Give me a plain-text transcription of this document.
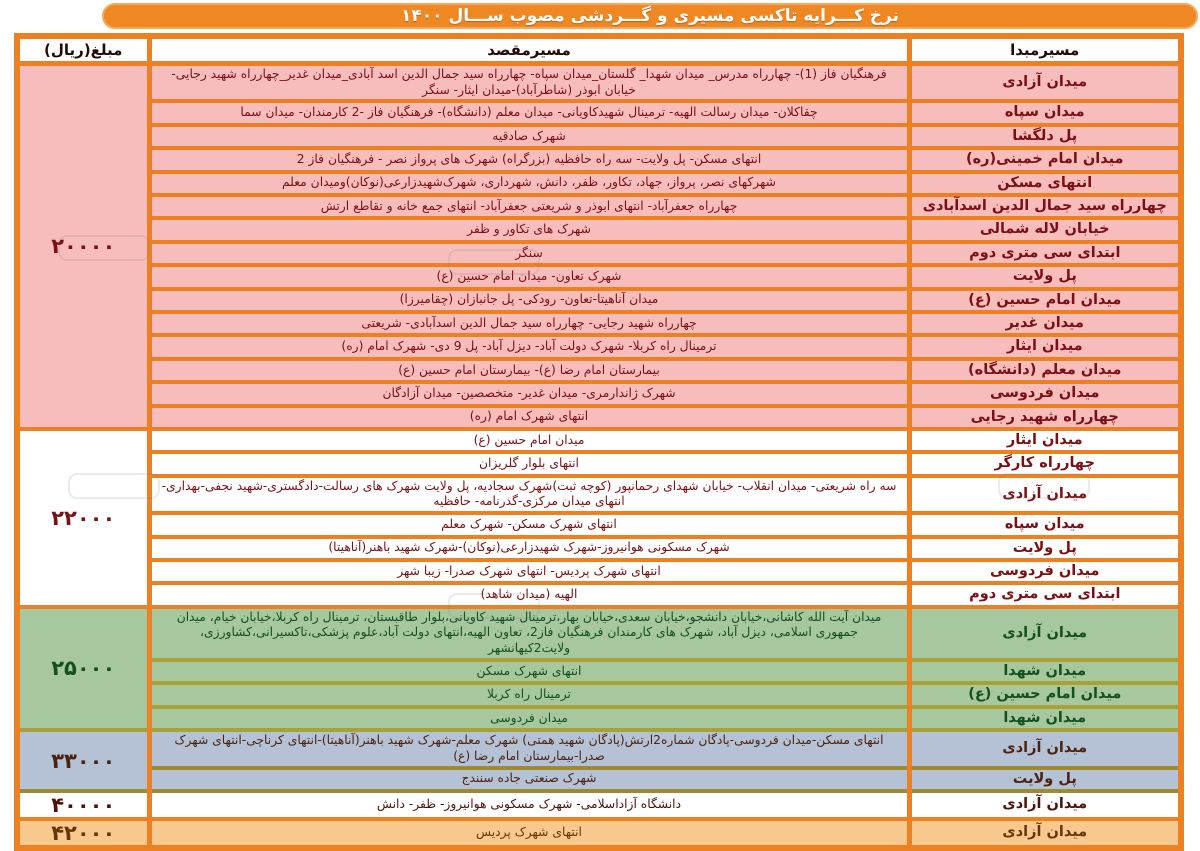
نرخ کـــرایه تاکسی مسیری و گـــردشی مصوب ســـال ۱۴۰۰
مسیرمبدا	مسیرمقصد	مبلغ(ریال)
میدان آزادی	فرهنگیان فاز (1)- چهارراه مدرس_ میدان شهدا_ گلستان_میدان سپاه- چهارراه سید جمال الدین اسد آبادی_میدان غدیر_چهارراه شهید رجایی- خیابان ابوذر (شاطرآباد)-میدان ایثار- سنگر	۲۰۰۰۰
میدان سپاه	چقاکلان- میدان رسالت الهیه- ترمینال شهیدکاویانی- میدان معلم (دانشگاه)- فرهنگیان فاز -2 کارمندان- میدان سما	
پل دلگشا	شهرک صادقیه	
میدان امام خمینی(ره)	انتهای مسکن- پل ولایت- سه راه حافظیه (بزرگراه) شهرک های پرواز نصر - فرهنگیان فاز 2	
انتهای مسکن	شهرکهای نصر، پرواز، جهاد، تکاور، ظفر، دانش، شهرداری، شهرک‌شهیدزارعی(نوکان)ومیدان معلم	
چهارراه سید جمال الدین اسدآبادی	چهارراه جعفرآباد- انتهای ابوذر و شریعتی جعفرآباد- انتهای جمع خانه و تقاطع ارتش	
خیابان لاله شمالی	شهرک های تکاور و ظفر	
ابتدای سی متری دوم	سنگر	
پل ولایت	شهرک تعاون- میدان امام حسین (ع)	
میدان امام حسین (ع)	میدان آناهیتا-تعاون- رودکی- پل جانبازان (چقامیرزا)	
میدان غدیر	چهارراه شهید رجایی- چهارراه سید جمال الدین اسدآبادی- شریعتی	
میدان ایثار	ترمینال راه کربلا- شهرک دولت آباد- دیزل آباد- پل 9 دی- شهرک امام (ره)	
میدان معلم (دانشگاه)	بیمارستان امام رضا (ع)- بیمارستان امام حسین (ع)	
میدان فردوسی	شهرک ژاندارمری- میدان غدیر- متخصصین- میدان آزادگان	
چهارراه شهید رجایی	انتهای شهرک امام (ره)	
میدان ایثار	میدان امام حسین (ع)	۲۲۰۰۰
چهارراه کارگر	انتهای بلوار گلریزان	
میدان آزادی	سه راه شریعتی- میدان انقلاب- خیابان شهدای رحمانپور (کوچه ثبت)شهرک سجادیه، پل ولایت شهرک های رسالت-دادگستری-شهید نجفی-بهداری- انتهای میدان مرکزی-گذرنامه- حافظیه	
میدان سپاه	انتهای شهرک مسکن- شهرک معلم	
پل ولایت	شهرک مسکونی هوانیروز-شهرک شهیدزارعی(نوکان)-شهرک شهید باهنر(آناهیتا)	
میدان فردوسی	انتهای شهرک پردیس- انتهای شهرک صدرا- زیبا شهر	
ابتدای سی متری دوم	الهیه (میدان شاهد)	
میدان آزادی	میدان آیت الله کاشانی،خیابان دانشجو،خیابان سعدی،خیابان بهار،ترمینال شهید کاویانی،بلوار طاقبستان، ترمینال راه کربلا،خیابان خیام، میدان جمهوری اسلامی، دیزل آباد، شهرک های کارمندان فرهنگیان فاز2، تعاون الهیه،انتهای دولت آباد،علوم پزشکی،تاکسیرانی،کشاورزی، ولایت2کیهانشهر	۲۵۰۰۰
میدان شهدا	انتهای شهرک مسکن	
میدان امام حسین (ع)	ترمینال راه کربلا	
میدان شهدا	میدان فردوسی	
میدان آزادی	انتهای مسکن-میدان فردوسی-پادگان شماره2ارتش(پادگان شهید همتی) شهرک معلم-شهرک شهید باهنر(آناهیتا)-انتهای کرناچی-انتهای شهرک صدرا-بیمارستان امام رضا (ع)	۳۳۰۰۰
پل ولایت	شهرک صنعتی جاده سنندج	
میدان آزادی	دانشگاه آزاداسلامی- شهرک مسکونی هوانیروز- ظفر- دانش	۴۰۰۰۰
میدان آزادی	انتهای شهرک پردیس	۴۲۰۰۰
